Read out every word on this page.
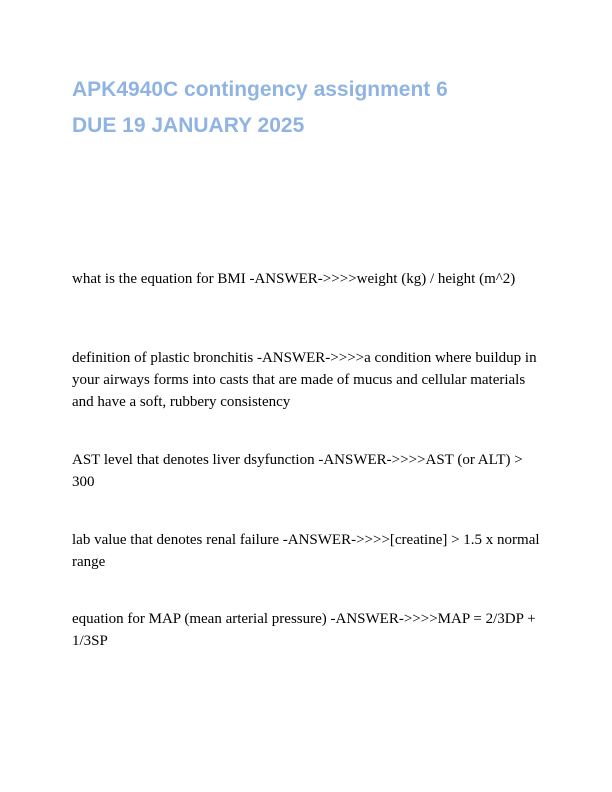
APK4940C contingency assignment 6
DUE 19 JANUARY 2025

what is the equation for BMI -ANSWER->>>>weight (kg) / height (m^2)

definition of plastic bronchitis -ANSWER->>>>a condition where buildup in your airways forms into casts that are made of mucus and cellular materials and have a soft, rubbery consistency

AST level that denotes liver dsyfunction -ANSWER->>>>AST (or ALT) > 300

lab value that denotes renal failure -ANSWER->>>>[creatine] > 1.5 x normal range

equation for MAP (mean arterial pressure) -ANSWER->>>>MAP = 2/3DP + 1/3SP
